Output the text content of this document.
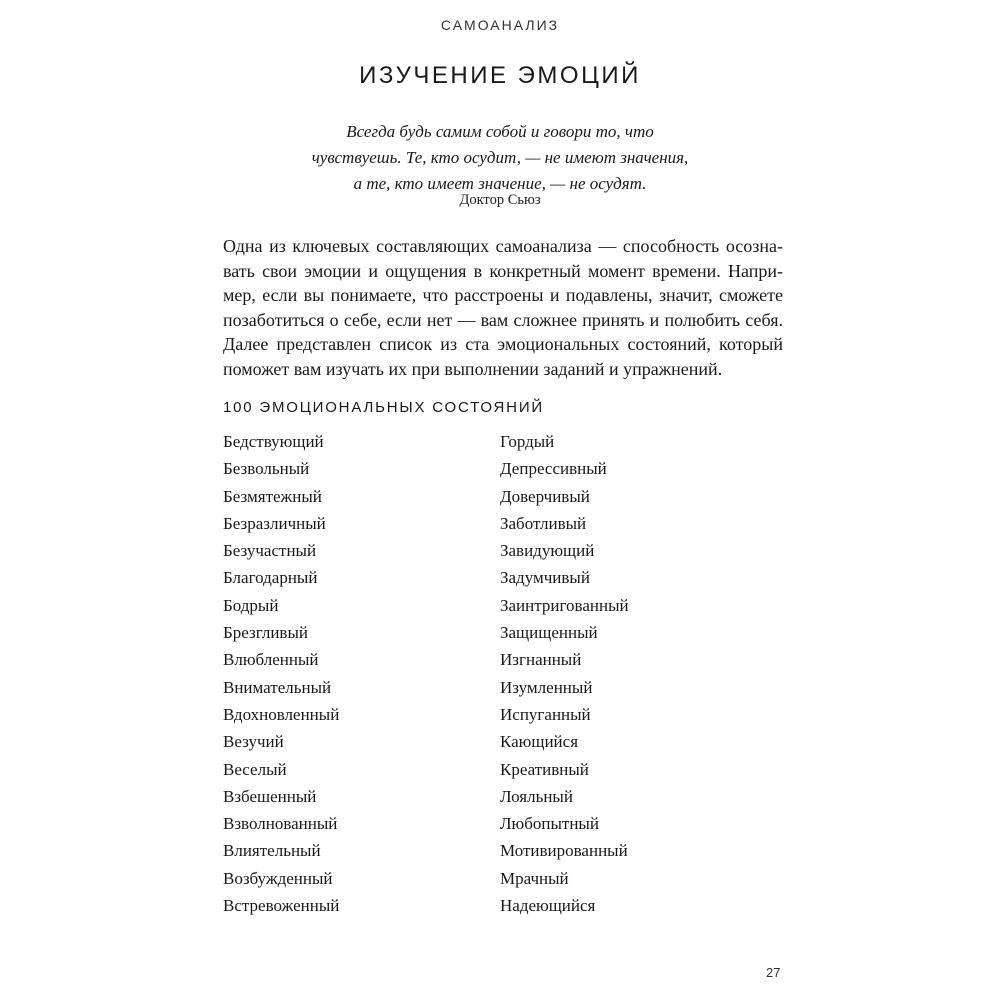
САМОАНАЛИЗ
ИЗУЧЕНИЕ ЭМОЦИЙ
Всегда будь самим собой и говори то, что
чувствуешь. Те, кто осудит, — не имеют значения,
а те, кто имеет значение, — не осудят.
Доктор Сьюз
Одна из ключевых составляющих самоанализа — способность осозна-
вать свои эмоции и ощущения в конкретный момент времени. Напри-
мер, если вы понимаете, что расстроены и подавлены, значит, сможете
позаботиться о себе, если нет — вам сложнее принять и полюбить себя.
Далее представлен список из ста эмоциональных состояний, который
поможет вам изучать их при выполнении заданий и упражнений.
100 ЭМОЦИОНАЛЬНЫХ СОСТОЯНИЙ
Бедствующий
Безвольный
Безмятежный
Безразличный
Безучастный
Благодарный
Бодрый
Брезгливый
Влюбленный
Внимательный
Вдохновленный
Везучий
Веселый
Взбешенный
Взволнованный
Влиятельный
Возбужденный
Встревоженный
Гордый
Депрессивный
Доверчивый
Заботливый
Завидующий
Задумчивый
Заинтригованный
Защищенный
Изгнанный
Изумленный
Испуганный
Кающийся
Креативный
Лояльный
Любопытный
Мотивированный
Мрачный
Надеющийся
27
